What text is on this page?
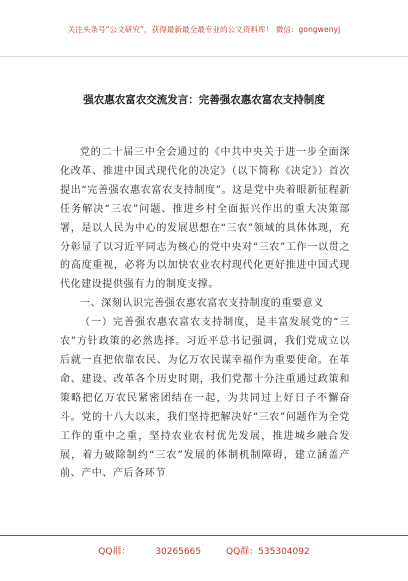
关注头条号“公文研究”，获得最新最全最专业的公文资料库！ 微信：gongwenyj
强农惠农富农交流发言：完善强农惠农富农支持制度

党的二十届三中全会通过的《中共中央关于进一步全面深化改革、推进中国式现代化的决定》（以下简称《决定》）首次提出“完善强农惠农富农支持制度”。这是党中央着眼新征程新任务解决“三农”问题、推进乡村全面振兴作出的重大决策部署，是以人民为中心的发展思想在“三农”领域的具体体现，充分彰显了以习近平同志为核心的党中央对“三农”工作一以贯之的高度重视，必将为以加快农业农村现代化更好推进中国式现代化建设提供强有力的制度支撑。

一、深刻认识完善强农惠农富农支持制度的重要意义

（一）完善强农惠农富农支持制度，是丰富发展党的“三农”方针政策的必然选择。习近平总书记强调，我们党成立以后就一直把依靠农民、为亿万农民谋幸福作为重要使命。在革命、建设、改革各个历史时期，我们党都十分注重通过政策和策略把亿万农民紧密团结在一起，为共同过上好日子不懈奋斗。党的十八大以来，我们坚持把解决好“三农”问题作为全党工作的重中之重，坚持农业农村优先发展，推进城乡融合发展，着力破除制约“三农”发展的体制机制障碍，建立涵盖产前、产中、产后各环节

QQ群： 30265665 QQ群：535304092
